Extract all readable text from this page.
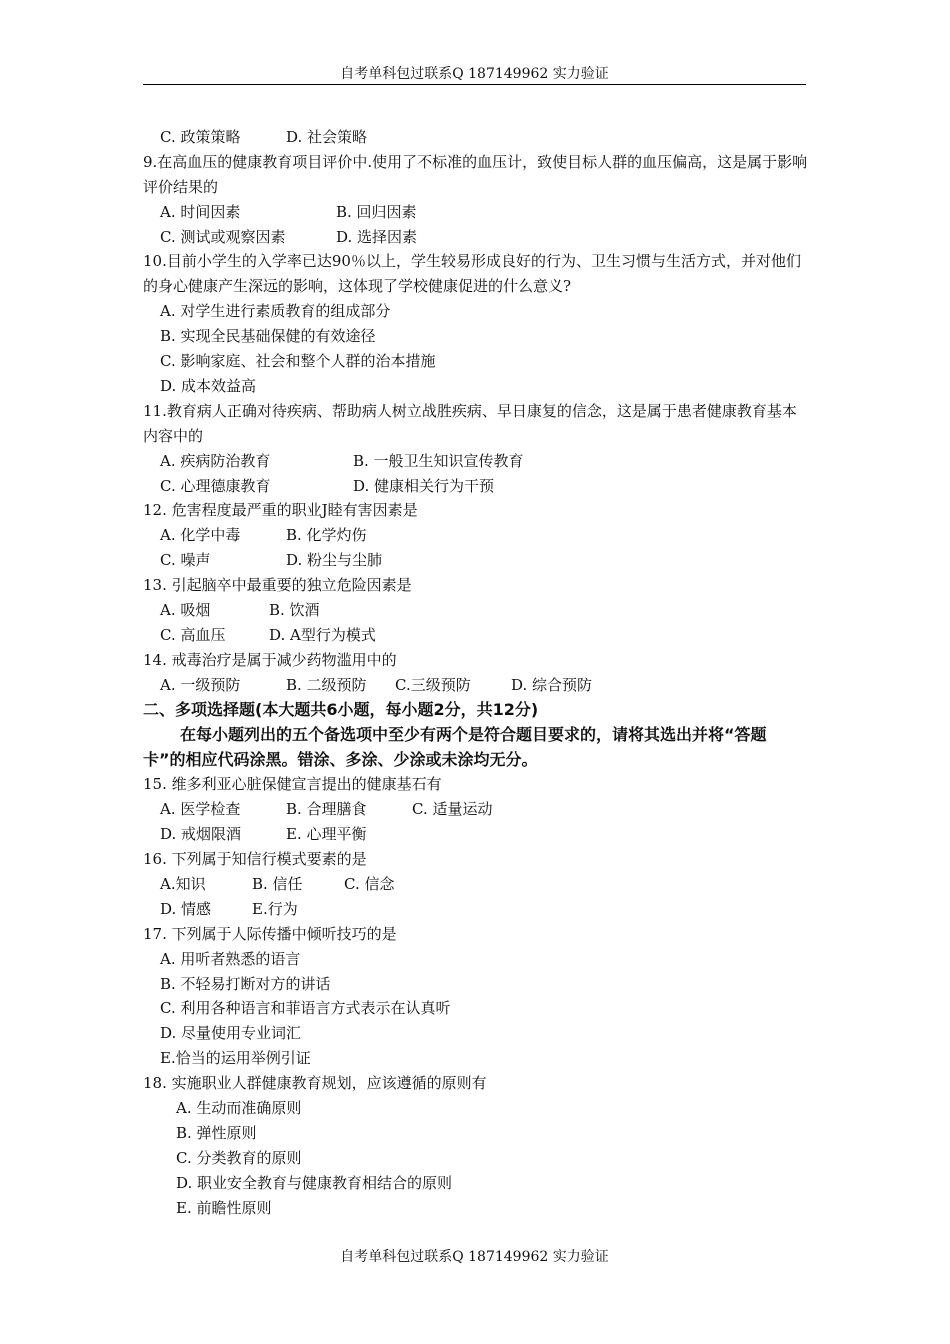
自考单科包过联系Q 187149962 实力验证
C. 政策策略	D. 社会策略
9.在高血压的健康教育项目评价中.使用了不标准的血压计，致使目标人群的血压偏高，这是属于影响评价结果的
A. 时间因素	B. 回归因素
C. 测试或观察因素	D. 选择因素
10.目前小学生的入学率已达90％以上，学生较易形成良好的行为、卫生习惯与生活方式，并对他们的身心健康产生深远的影响，这体现了学校健康促进的什么意义?
A. 对学生进行素质教育的组成部分
B. 实现全民基础保健的有效途径
C. 影响家庭、社会和整个人群的治本措施
D. 成本效益高
11.教育病人正确对待疾病、帮助病人树立战胜疾病、早日康复的信念，这是属于患者健康教育基本内容中的
A. 疾病防治教育	B. 一般卫生知识宣传教育
C. 心理德康教育	D. 健康相关行为干预
12. 危害程度最严重的职业J睦有害因素是
A. 化学中毒	B. 化学灼伤
C. 噪声	D. 粉尘与尘肺
13. 引起脑卒中最重要的独立危险因素是
A. 吸烟	B. 饮酒
C. 高血压	D. A型行为模式
14. 戒毒治疗是属于减少药物滥用中的
A. 一级预防	B. 二级预防 C.三级预防	D. 综合预防
二、多项选择题(本大题共6小题，每小题2分，共12分)
在每小题列出的五个备选项中至少有两个是符合题目要求的，请将其选出并将“答题卡”的相应代码涂黑。错涂、多涂、少涂或未涂均无分。
15. 维多利亚心脏保健宣言提出的健康基石有
A. 医学检查	B. 合理膳食	C. 适量运动
D. 戒烟限酒	E. 心理平衡
16. 下列属于知信行模式要素的是
A.知识	B. 信任	C. 信念
D. 情感	E.行为
17. 下列属于人际传播中倾听技巧的是
A. 用听者熟悉的语言
B. 不轻易打断对方的讲话
C. 利用各种语言和菲语言方式表示在认真听
D. 尽量使用专业词汇
E.恰当的运用举例引证
18. 实施职业人群健康教育规划，应该遵循的原则有
A. 生动而准确原则
B. 弹性原则
C. 分类教育的原则
D. 职业安全教育与健康教育相结合的原则
E. 前瞻性原则
自考单科包过联系Q 187149962 实力验证
